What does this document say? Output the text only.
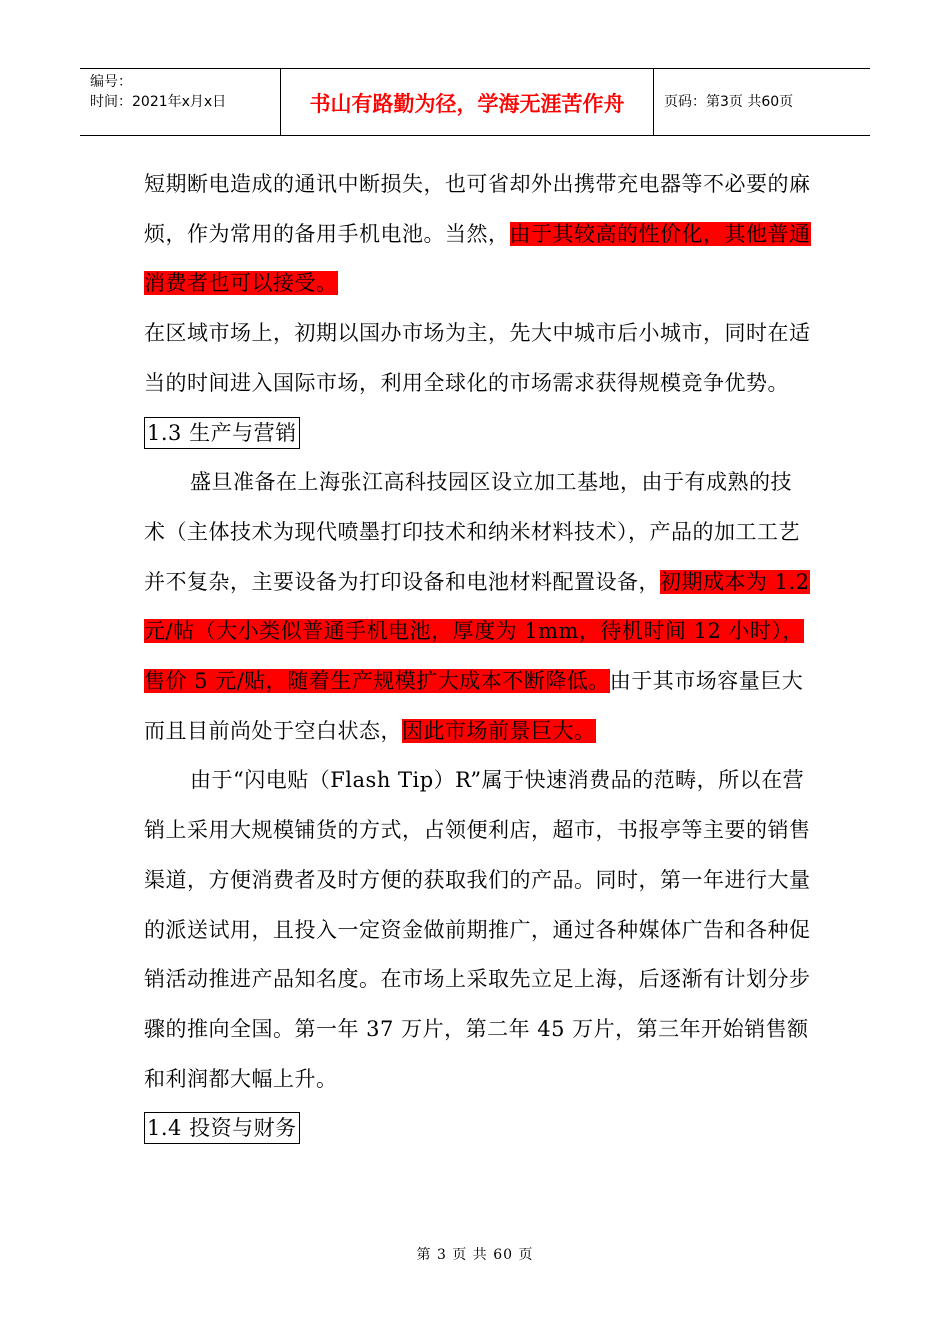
编号：
时间：2021年x月x日	书山有路勤为径，学海无涯苦作舟	页码：第3页 共60页

短期断电造成的通讯中断损失，也可省却外出携带充电器等不必要的麻烦，作为常用的备用手机电池。当然，由于其较高的性价化，其他普通消费者也可以接受。

在区域市场上，初期以国办市场为主，先大中城市后小城市，同时在适当的时间进入国际市场，利用全球化的市场需求获得规模竞争优势。

1.3 生产与营销

盛旦准备在上海张江高科技园区设立加工基地，由于有成熟的技术（主体技术为现代喷墨打印技术和纳米材料技术），产品的加工工艺并不复杂，主要设备为打印设备和电池材料配置设备，初期成本为 1.2 元/帖（大小类似普通手机电池，厚度为 1mm，待机时间 12 小时），售价 5 元/贴，随着生产规模扩大成本不断降低。由于其市场容量巨大而且目前尚处于空白状态，因此市场前景巨大。

由于“闪电贴（Flash Tip）R”属于快速消费品的范畴，所以在营销上采用大规模铺货的方式，占领便利店，超市，书报亭等主要的销售渠道，方便消费者及时方便的获取我们的产品。同时，第一年进行大量的派送试用，且投入一定资金做前期推广，通过各种媒体广告和各种促销活动推进产品知名度。在市场上采取先立足上海，后逐渐有计划分步骤的推向全国。第一年 37 万片，第二年 45 万片，第三年开始销售额和利润都大幅上升。

1.4 投资与财务
第 3 页 共 60 页
